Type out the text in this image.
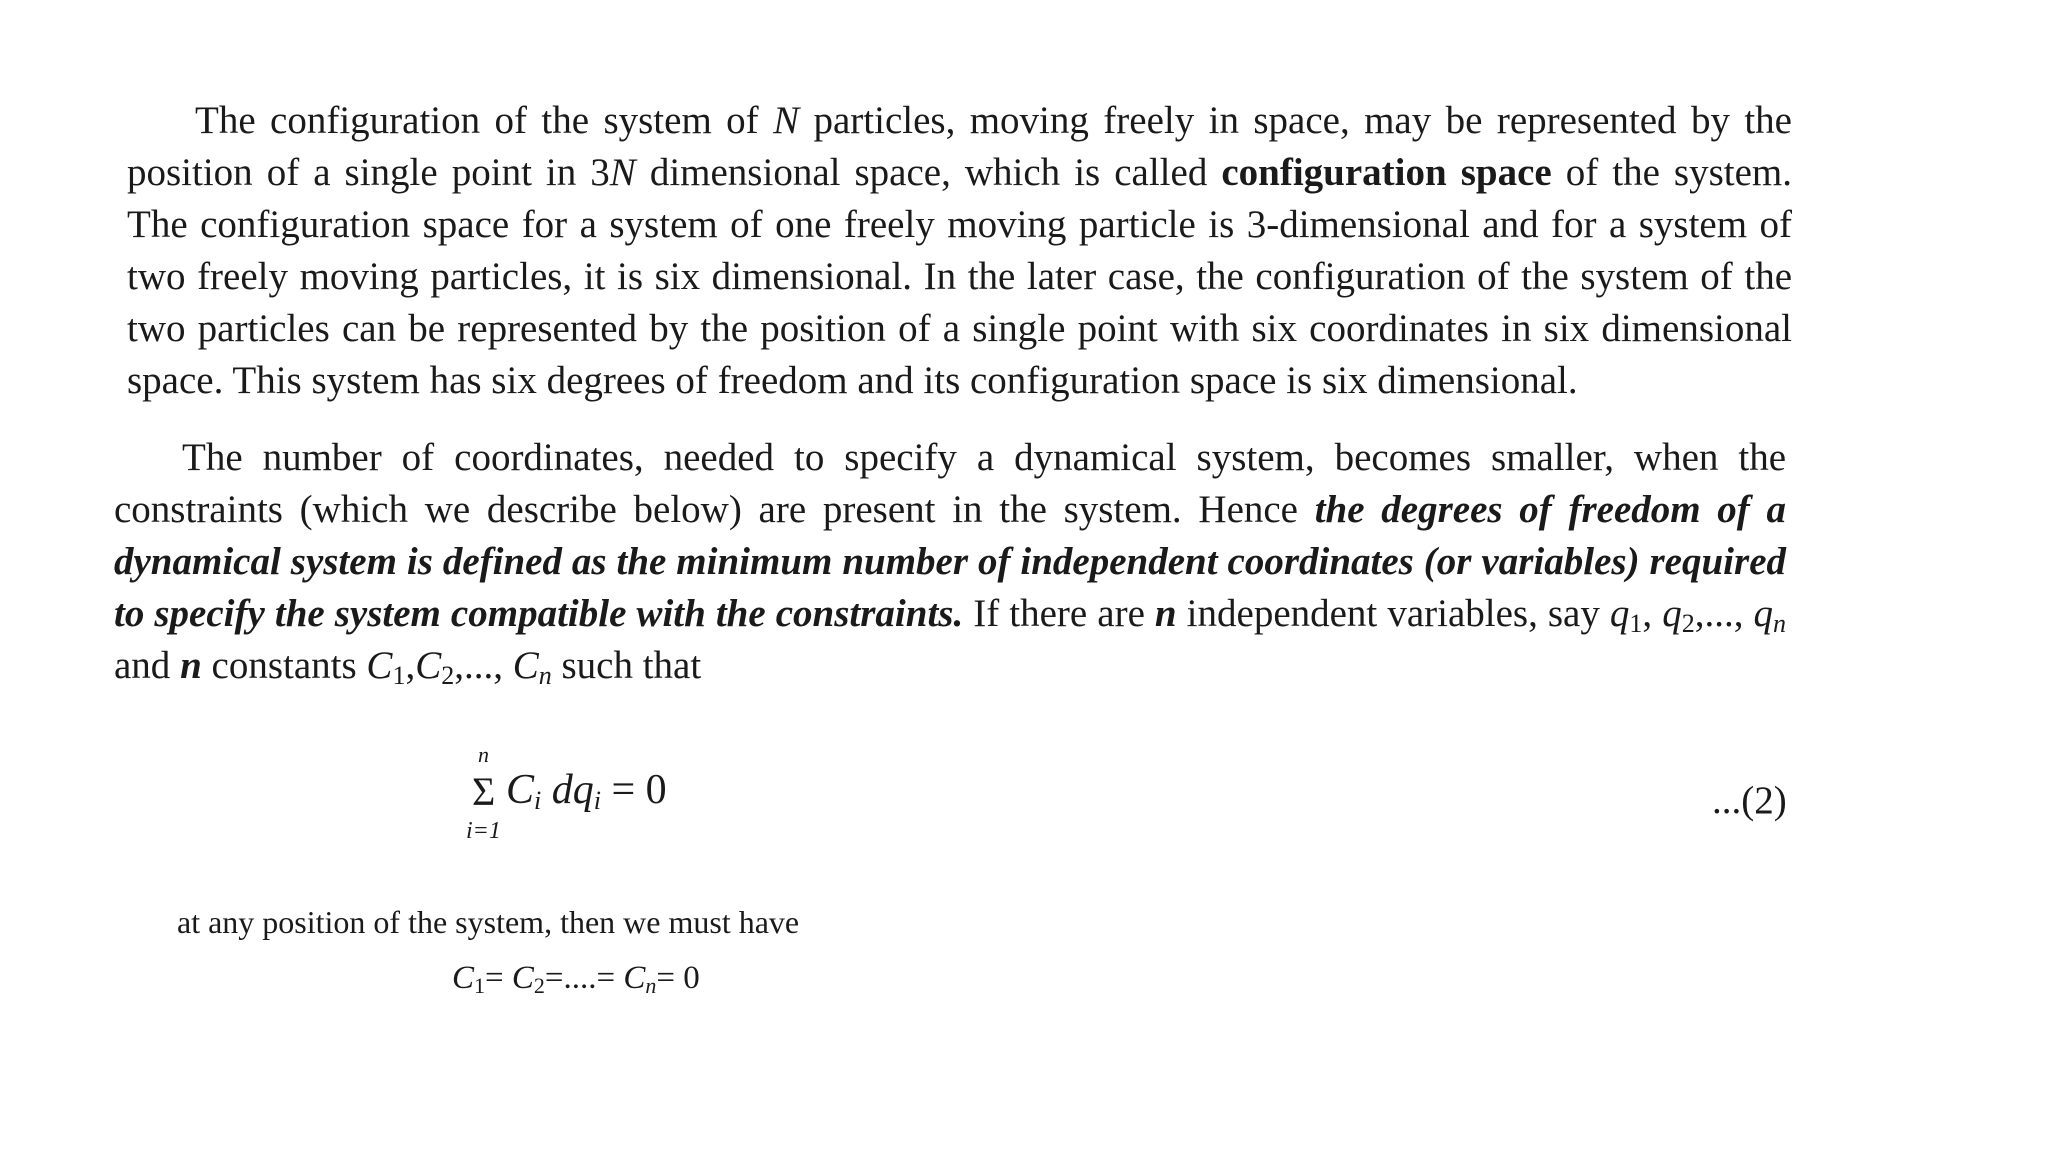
The configuration of the system of N particles, moving freely in space, may be represented by the position of a single point in 3N dimensional space, which is called configuration space of the system. The configuration space for a system of one freely moving particle is 3-dimensional and for a system of two freely moving particles, it is six dimensional. In the later case, the configuration of the system of the two particles can be represented by the position of a single point with six coordinates in six dimensional space. This system has six degrees of freedom and its configuration space is six dimensional.

The number of coordinates, needed to specify a dynamical system, becomes smaller, when the constraints (which we describe below) are present in the system. Hence the degrees of freedom of a dynamical system is defined as the minimum number of independent coordinates (or variables) required to specify the system compatible with the constraints. If there are n independent variables, say $q_1$, $q_2$,..., $q_n$ and n constants $C_1,C_2$,..., $C_n$ such that

n
Σ
i=1
$C_i$ $dq_i = 0$	...(2)
at any position of the system, then we must have
$C_1= C_2=....= C_n= 0$
